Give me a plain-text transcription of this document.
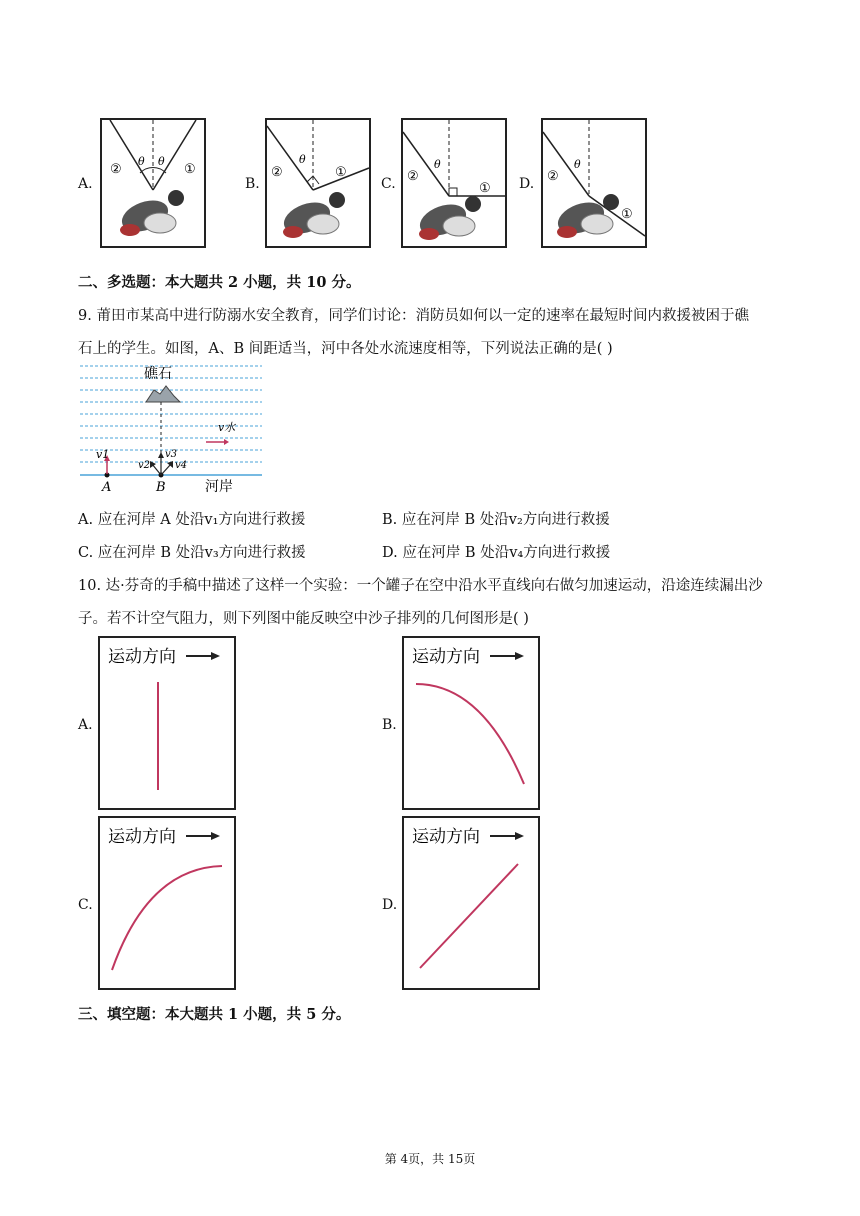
A.
θ θ
②	①
B.
θ
②	①
C.
θ
②
① D.
θ
②
①
二、多选题：本大题共 2 小题，共 10 分。
9. 莆田市某高中进行防溺水安全教育，同学们讨论：消防员如何以一定的速率在最短时间内救援被困于礁
石上的学生。如图，A、B 间距适当，河中各处水流速度相等，下列说法正确的是( )
礁石
v水
v1	v3
v2 v4
A	B	河岸
A. 应在河岸 A 处沿v₁方向进行救援	B. 应在河岸 B 处沿v₂方向进行救援
C. 应在河岸 B 处沿v₃方向进行救援	D. 应在河岸 B 处沿v₄方向进行救援
10. 达·芬奇的手稿中描述了这样一个实验：一个罐子在空中沿水平直线向右做匀加速运动，沿途连续漏出沙
子。若不计空气阻力，则下列图中能反映空中沙子排列的几何图形是( )
A.
运动方向
B.
运动方向
C.
运动方向
D.
运动方向
三、填空题：本大题共 1 小题，共 5 分。
第 4页，共 15页
